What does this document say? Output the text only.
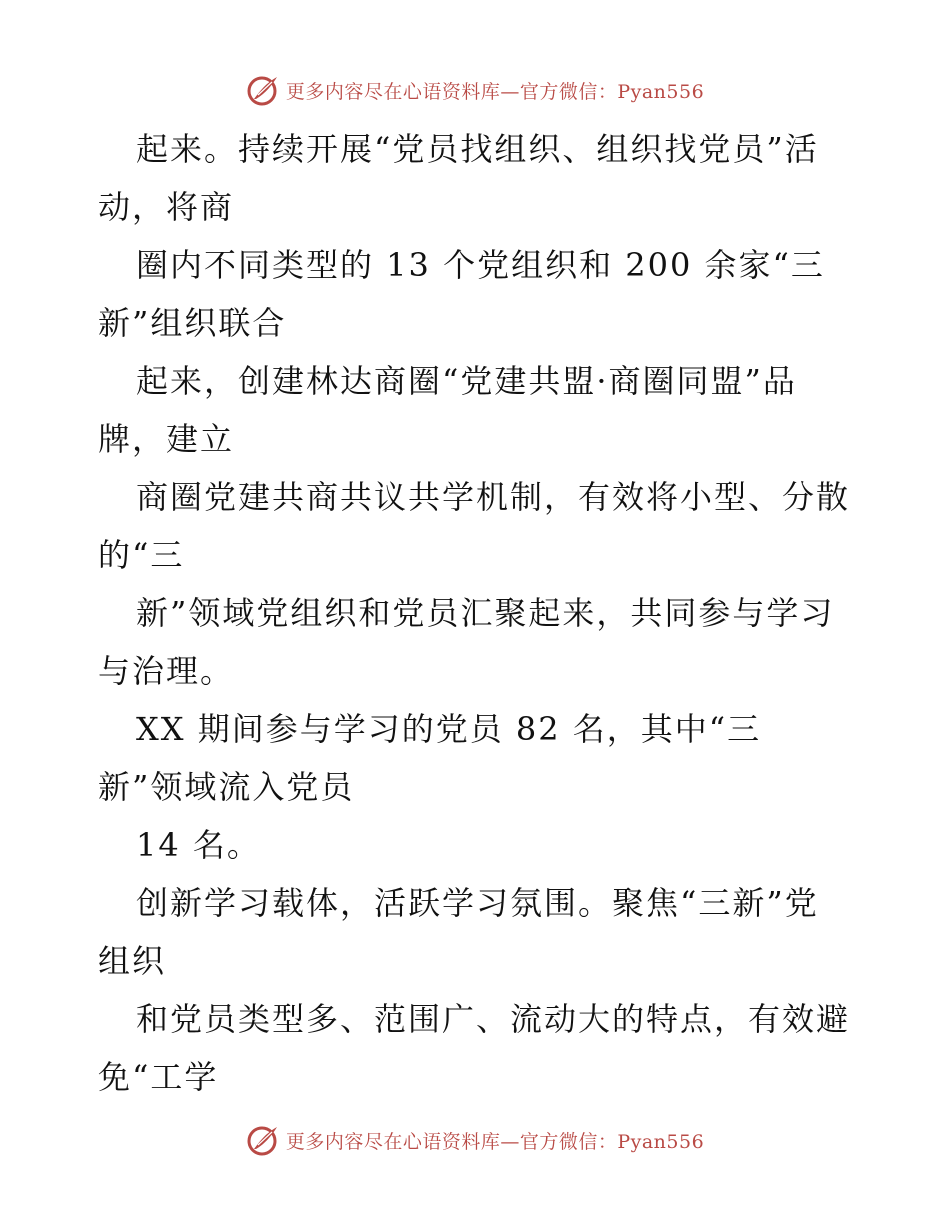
更多内容尽在心语资料库—官方微信：Pyan556
起来。持续开展“党员找组织、组织找党员”活
动，将商
圈内不同类型的 13 个党组织和 200 余家“三
新”组织联合
起来，创建林达商圈“党建共盟·商圈同盟”品
牌，建立
商圈党建共商共议共学机制，有效将小型、分散
的“三
新”领域党组织和党员汇聚起来，共同参与学习
与治理。
XX 期间参与学习的党员 82 名，其中“三
新”领域流入党员
14 名。
创新学习载体，活跃学习氛围。聚焦“三新”党
组织
和党员类型多、范围广、流动大的特点，有效避
免“工学
更多内容尽在心语资料库—官方微信：Pyan556
